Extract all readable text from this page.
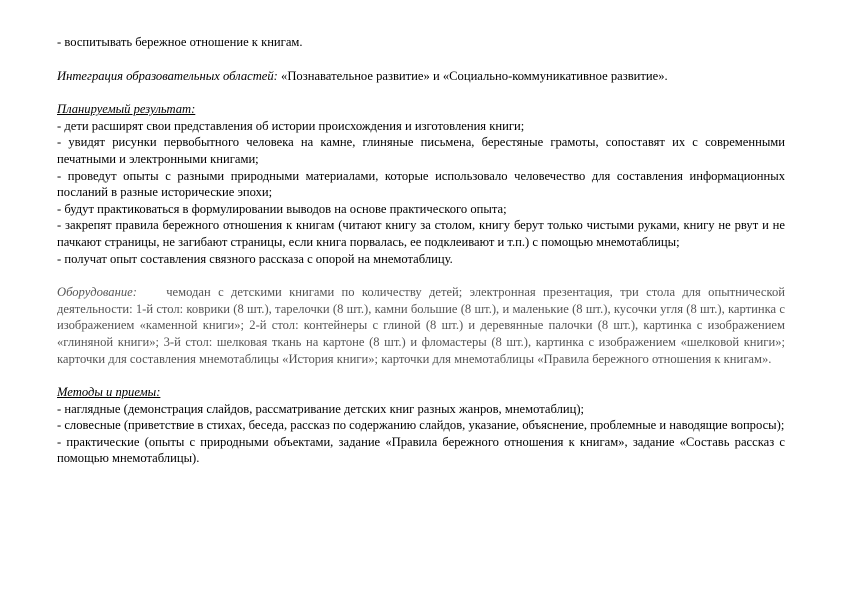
- воспитывать бережное отношение к книгам.

Интеграция образовательных областей: «Познавательное развитие» и «Социально-коммуникативное развитие».

Планируемый результат:

- дети расширят свои представления об истории происхождения и изготовления книги;

- увидят рисунки первобытного человека на камне, глиняные письмена, берестяные грамоты, сопоставят их с современными печатными и электронными книгами;

- проведут опыты с разными природными материалами, которые использовало человечество для составления информационных посланий в разные исторические эпохи;

- будут практиковаться в формулировании выводов на основе практического опыта;

- закрепят правила бережного отношения к книгам (читают книгу за столом, книгу берут только чистыми руками, книгу не рвут и не пачкают страницы, не загибают страницы, если книга порвалась, ее подклеивают и т.п.) с помощью мнемотаблицы;

- получат опыт составления связного рассказа с опорой на мнемотаблицу.

Оборудование:    чемодан с детскими книгами по количеству детей; электронная презентация, три стола для опытнической деятельности: 1-й стол: коврики (8 шт.), тарелочки (8 шт.), камни большие (8 шт.), и маленькие (8 шт.), кусочки угля (8 шт.), картинка с изображением «каменной книги»; 2-й стол: контейнеры с глиной (8 шт.) и деревянные палочки (8 шт.), картинка с изображением «глиняной книги»; 3-й стол: шелковая ткань на картоне (8 шт.) и фломастеры (8 шт.), картинка с изображением «шелковой книги»; карточки для составления мнемотаблицы «История книги»; карточки для мнемотаблицы «Правила бережного отношения к книгам».

Методы и приемы:

- наглядные (демонстрация слайдов, рассматривание детских книг разных жанров, мнемотаблиц);

- словесные (приветствие в стихах, беседа, рассказ по содержанию слайдов, указание, объяснение, проблемные и наводящие вопросы);

- практические (опыты с природными объектами, задание «Правила бережного отношения к книгам», задание «Составь рассказ с помощью мнемотаблицы).
